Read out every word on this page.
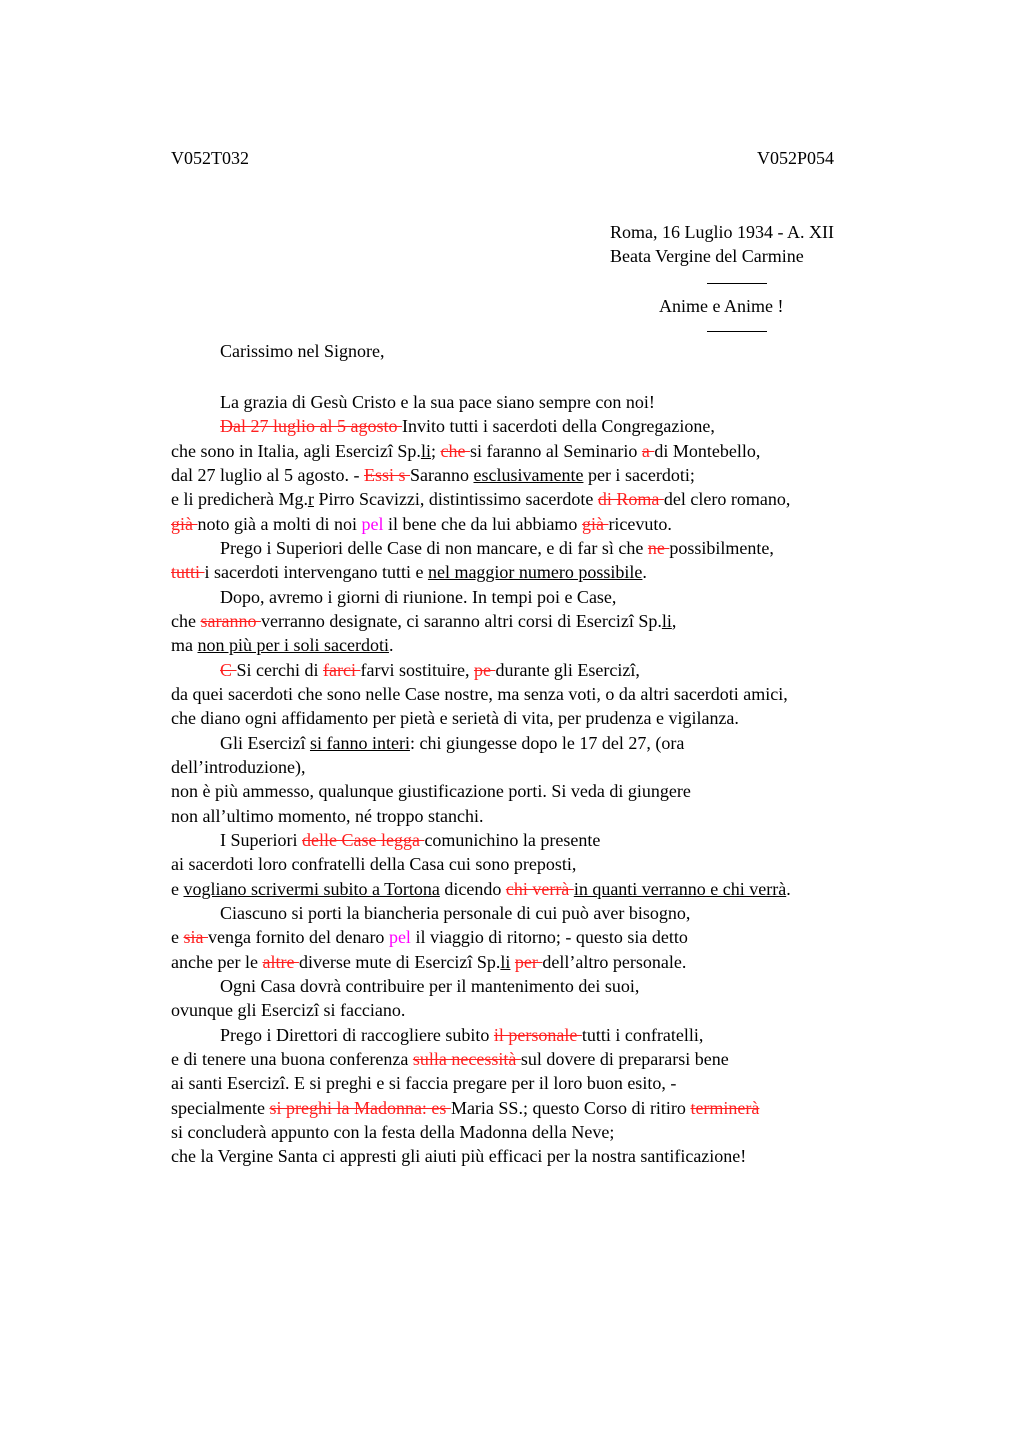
V052T032	V052P054
Roma, 16 Luglio 1934 - A. XII
Beata Vergine del Carmine
Anime e Anime !
Carissimo nel Signore,
La grazia di Gesù Cristo e la sua pace siano sempre con noi!
Dal 27 luglio al 5 agosto Invito tutti i sacerdoti della Congregazione,
che sono in Italia, agli Esercizî Sp.li; che si faranno al Seminario a di Montebello,
dal 27 luglio al 5 agosto. - Essi s Saranno esclusivamente per i sacerdoti;
e li predicherà Mg.r Pirro Scavizzi, distintissimo sacerdote di Roma del clero romano,
già noto già a molti di noi pel il bene che da lui abbiamo già ricevuto.
Prego i Superiori delle Case di non mancare, e di far sì che ne possibilmente,
tutti i sacerdoti intervengano tutti e nel maggior numero possibile.
Dopo, avremo i giorni di riunione. In tempi poi e Case,
che saranno verranno designate, ci saranno altri corsi di Esercizî Sp.li,
ma non più per i soli sacerdoti.
C Si cerchi di farci farvi sostituire, pe durante gli Esercizî,
da quei sacerdoti che sono nelle Case nostre, ma senza voti, o da altri sacerdoti amici,
che diano ogni affidamento per pietà e serietà di vita, per prudenza e vigilanza.
Gli Esercizî si fanno interi: chi giungesse dopo le 17 del 27, (ora
dell’introduzione),
non è più ammesso, qualunque giustificazione porti. Si veda di giungere
non all’ultimo momento, né troppo stanchi.
I Superiori delle Case legga comunichino la presente
ai sacerdoti loro confratelli della Casa cui sono preposti,
e vogliano scrivermi subito a Tortona dicendo chi verrà in quanti verranno e chi verrà.
Ciascuno si porti la biancheria personale di cui può aver bisogno,
e sia venga fornito del denaro pel il viaggio di ritorno; - questo sia detto
anche per le altre diverse mute di Esercizî Sp.li per dell’altro personale.
Ogni Casa dovrà contribuire per il mantenimento dei suoi,
ovunque gli Esercizî si facciano.
Prego i Direttori di raccogliere subito il personale tutti i confratelli,
e di tenere una buona conferenza sulla necessità sul dovere di prepararsi bene
ai santi Esercizî. E si preghi e si faccia pregare per il loro buon esito, -
specialmente si preghi la Madonna: es Maria SS.; questo Corso di ritiro terminerà
si concluderà appunto con la festa della Madonna della Neve;
che la Vergine Santa ci appresti gli aiuti più efficaci per la nostra santificazione!
